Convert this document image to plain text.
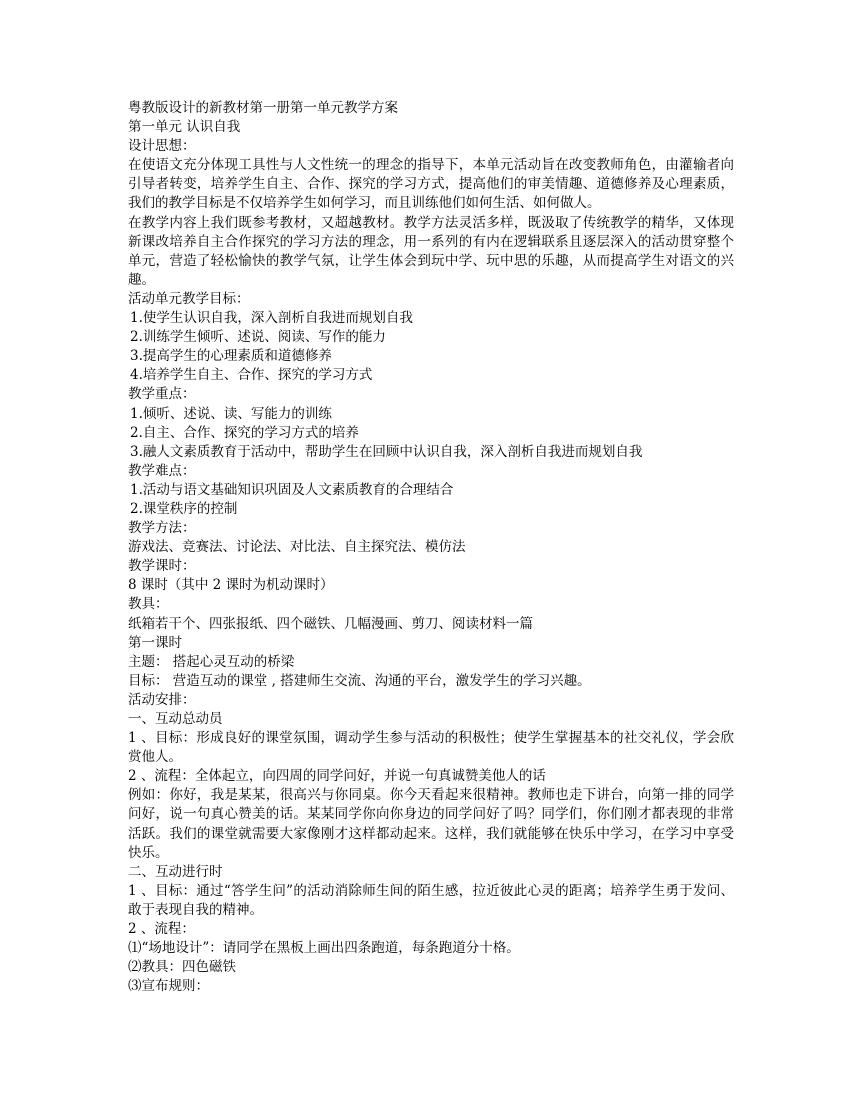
粤教版设计的新教材第一册第一单元教学方案
第一单元 认识自我
设计思想：
在使语文充分体现工具性与人文性统一的理念的指导下，本单元活动旨在改变教师角色，由灌输者向引导者转变，培养学生自主、合作、探究的学习方式，提高他们的审美情趣、道德修养及心理素质，我们的教学目标是不仅培养学生如何学习，而且训练他们如何生活、如何做人。
在教学内容上我们既参考教材，又超越教材。教学方法灵活多样，既汲取了传统教学的精华，又体现新课改培养自主合作探究的学习方法的理念，用一系列的有内在逻辑联系且逐层深入的活动贯穿整个单元，营造了轻松愉快的教学气氛，让学生体会到玩中学、玩中思的乐趣，从而提高学生对语文的兴趣。
活动单元教学目标：
1.使学生认识自我，深入剖析自我进而规划自我
2.训练学生倾听、述说、阅读、写作的能力
3.提高学生的心理素质和道德修养
4.培养学生自主、合作、探究的学习方式
教学重点：
1.倾听、述说、读、写能力的训练
2.自主、合作、探究的学习方式的培养
3.融人文素质教育于活动中，帮助学生在回顾中认识自我，深入剖析自我进而规划自我
教学难点：
1.活动与语文基础知识巩固及人文素质教育的合理结合
2.课堂秩序的控制
教学方法：
游戏法、竞赛法、讨论法、对比法、自主探究法、模仿法
教学课时：
8 课时（其中 2 课时为机动课时）
教具：
纸箱若干个、四张报纸、四个磁铁、几幅漫画、剪刀、阅读材料一篇
第一课时
主题： 搭起心灵互动的桥梁
目标： 营造互动的课堂 , 搭建师生交流、沟通的平台，激发学生的学习兴趣。
活动安排：
一、互动总动员
1 、目标：形成良好的课堂氛围，调动学生参与活动的积极性；使学生掌握基本的社交礼仪，学会欣赏他人。
2 、流程：全体起立，向四周的同学问好，并说一句真诚赞美他人的话
例如：你好，我是某某，很高兴与你同桌。你今天看起来很精神。教师也走下讲台，向第一排的同学问好，说一句真心赞美的话。某某同学你向你身边的同学问好了吗？同学们，你们刚才都表现的非常活跃。我们的课堂就需要大家像刚才这样都动起来。这样，我们就能够在快乐中学习，在学习中享受快乐。
二、互动进行时
1 、目标：通过“答学生问”的活动消除师生间的陌生感，拉近彼此心灵的距离；培养学生勇于发问、敢于表现自我的精神。
2 、流程：
⑴“场地设计”：请同学在黑板上画出四条跑道，每条跑道分十格。
⑵教具：四色磁铁
⑶宣布规则：
